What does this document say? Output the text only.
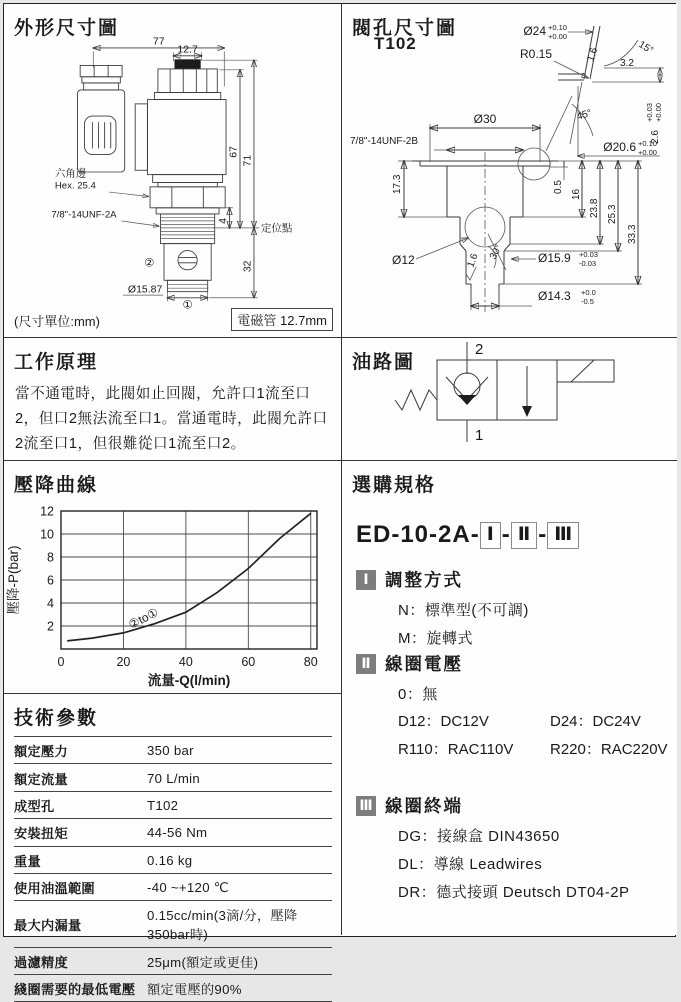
外形尺寸圖
77
12.7
②
①
Ø15.87
67
71
定位點
4
32
六角邊
Hex. 25.4
7/8"-14UNF-2A
(尺寸單位:mm)	電磁管 12.7mm
Ø24 +0.10
+0.00
R0.15	15°
1.6
3.2
45°
2.6
+0.03 +0.00
Ø20.6 +0.10
+0.00
Ø30
7/8"-14UNF-2B
17.3	0.5
16
23.8 25.3
33.3
Ø12	1.6 30°	Ø15.9 +0.03
-0.03
Ø14.3 +0.0
-0.5
閥孔尺寸圖
T102
工作原理
當不通電時，此閥如止回閥，允許口1流至口2，但口2無法流至口1。當通電時，此閥允許口2流至口1，但很難從口1流至口2。
油路圖
2
1
壓降曲線
0	20	40	60	80
2
4
6
8
10
12
②to①
流量-Q(l/min)
壓降-P(bar)
技術參數
額定壓力	350 bar
額定流量	70 L/min
成型孔	T102
安裝扭矩	44-56 Nm
重量	0.16 kg
使用油溫範圍	-40 ~+120 ℃
最大内漏量	0.15cc/min(3滴/分，壓降350bar時)
過濾精度	25μm(額定或更佳)
綫圈需要的最低電壓	額定電壓的90%
選購規格
ED-10-2A- Ⅰ - Ⅱ - Ⅲ
Ⅰ 調整方式
N：標準型(不可調)
M：旋轉式
Ⅱ 線圈電壓
0：無
D12：DC12V	D24：DC24V
R110：RAC110V	R220：RAC220V
Ⅲ 線圈終端
DG：接線盒 DIN43650
DL：導線 Leadwires
DR：德式接頭 Deutsch DT04-2P
